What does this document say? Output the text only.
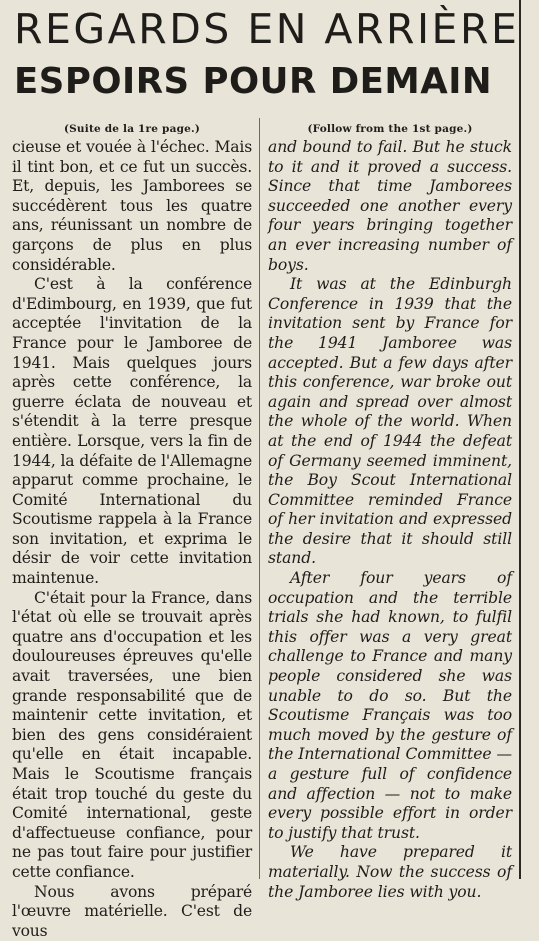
REGARDS EN ARRIÈRE
ESPOIRS POUR DEMAIN
(Suite de la 1re page.)

cieuse et vouée à l'échec. Mais il tint bon, et ce fut un succès. Et, depuis, les Jamborees se succédèrent tous les quatre ans, réunissant un nombre de garçons de plus en plus considérable.

C'est à la conférence d'Edimbourg, en 1939, que fut acceptée l'invitation de la France pour le Jamboree de 1941. Mais quelques jours après cette conférence, la guerre éclata de nouveau et s'étendit à la terre presque entière. Lorsque, vers la fin de 1944, la défaite de l'Allemagne apparut comme prochaine, le Comité International du Scoutisme rappela à la France son invitation, et exprima le désir de voir cette invitation maintenue.

C'était pour la France, dans l'état où elle se trouvait après quatre ans d'occupation et les douloureuses épreuves qu'elle avait traversées, une bien grande responsabilité que de maintenir cette invitation, et bien des gens considéraient qu'elle en était incapable. Mais le Scoutisme français était trop touché du geste du Comité international, geste d'affectueuse confiance, pour ne pas tout faire pour justifier cette confiance.

Nous avons préparé l'œuvre matérielle. C'est de vous

(Follow from the 1st page.)

and bound to fail. But he stuck to it and it proved a success. Since that time Jamborees succeeded one another every four years bringing together an ever increasing number of boys.

It was at the Edinburgh Conference in 1939 that the invitation sent by France for the 1941 Jamboree was accepted. But a few days after this conference, war broke out again and spread over almost the whole of the world. When at the end of 1944 the defeat of Germany seemed imminent, the Boy Scout International Committee reminded France of her invitation and expressed the desire that it should still stand.

After four years of occupation and the terrible trials she had known, to fulfil this offer was a very great challenge to France and many people considered she was unable to do so. But the Scoutisme Français was too much moved by the gesture of the International Committee — a gesture full of confidence and affection — not to make every possible effort in order to justify that trust.

We have prepared it materially. Now the success of the Jamboree lies with you.
